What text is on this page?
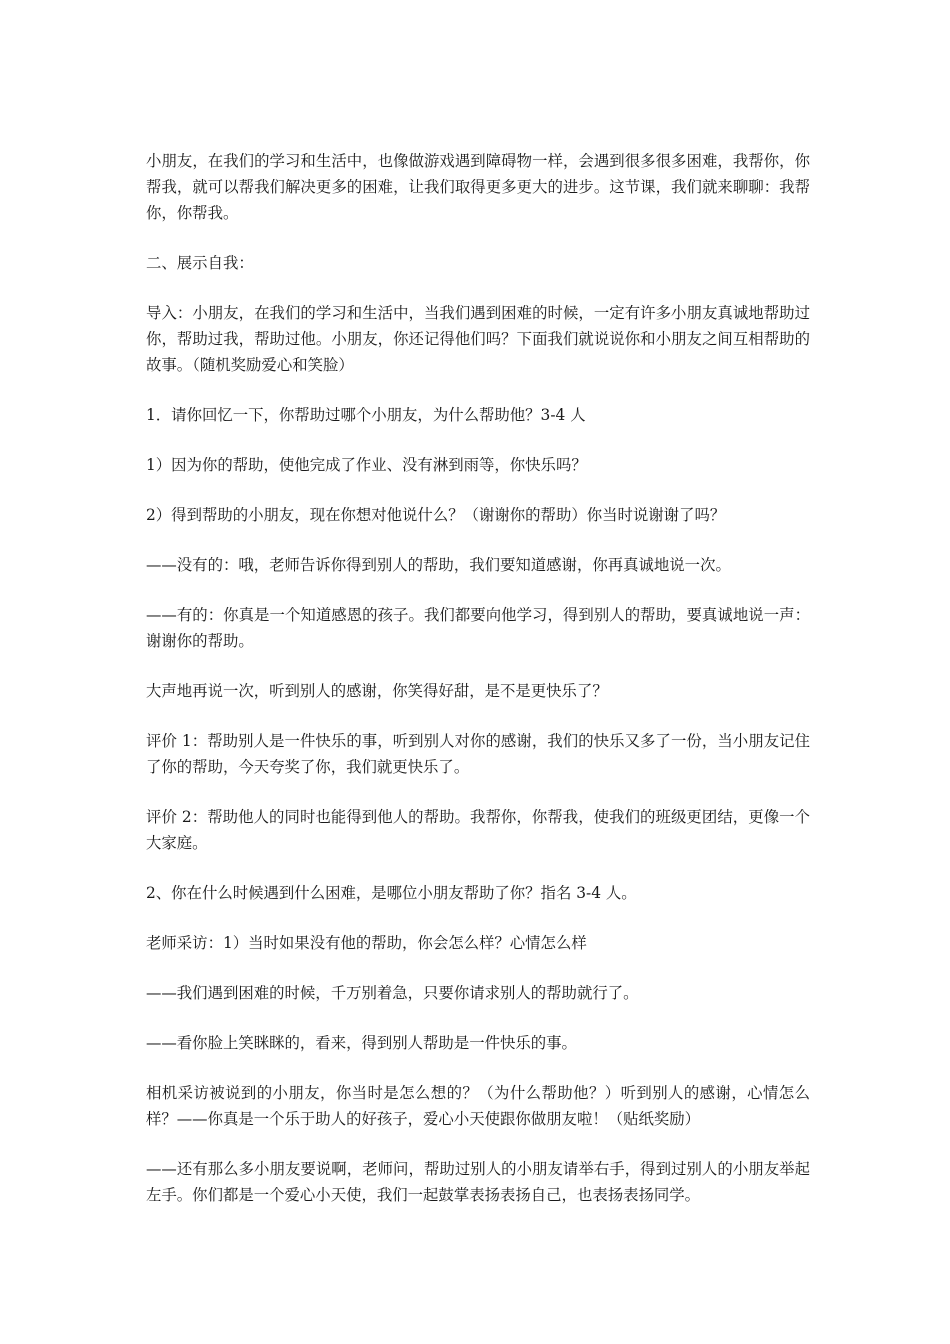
小朋友，在我们的学习和生活中，也像做游戏遇到障碍物一样，会遇到很多很多困难，我帮你，你帮我，就可以帮我们解决更多的困难，让我们取得更多更大的进步。这节课，我们就来聊聊：我帮你，你帮我。

二、展示自我：

导入：小朋友，在我们的学习和生活中，当我们遇到困难的时候，一定有许多小朋友真诚地帮助过你，帮助过我，帮助过他。小朋友，你还记得他们吗？下面我们就说说你和小朋友之间互相帮助的故事。（随机奖励爱心和笑脸）

1．请你回忆一下，你帮助过哪个小朋友，为什么帮助他？3-4 人

1）因为你的帮助，使他完成了作业、没有淋到雨等，你快乐吗？

2）得到帮助的小朋友，现在你想对他说什么？（谢谢你的帮助）你当时说谢谢了吗？

——没有的：哦，老师告诉你得到别人的帮助，我们要知道感谢，你再真诚地说一次。

——有的：你真是一个知道感恩的孩子。我们都要向他学习，得到别人的帮助，要真诚地说一声：谢谢你的帮助。

大声地再说一次，听到别人的感谢，你笑得好甜，是不是更快乐了？

评价 1：帮助别人是一件快乐的事，听到别人对你的感谢，我们的快乐又多了一份，当小朋友记住了你的帮助，今天夸奖了你，我们就更快乐了。

评价 2：帮助他人的同时也能得到他人的帮助。我帮你，你帮我，使我们的班级更团结，更像一个大家庭。

2、你在什么时候遇到什么困难，是哪位小朋友帮助了你？指名 3-4 人。

老师采访：1）当时如果没有他的帮助，你会怎么样？心情怎么样

——我们遇到困难的时候，千万别着急，只要你请求别人的帮助就行了。

——看你脸上笑眯眯的，看来，得到别人帮助是一件快乐的事。

相机采访被说到的小朋友，你当时是怎么想的？（为什么帮助他？）听到别人的感谢，心情怎么样？——你真是一个乐于助人的好孩子，爱心小天使跟你做朋友啦！（贴纸奖励）

——还有那么多小朋友要说啊，老师问，帮助过别人的小朋友请举右手，得到过别人的小朋友举起左手。你们都是一个爱心小天使，我们一起鼓掌表扬表扬自己，也表扬表扬同学。
